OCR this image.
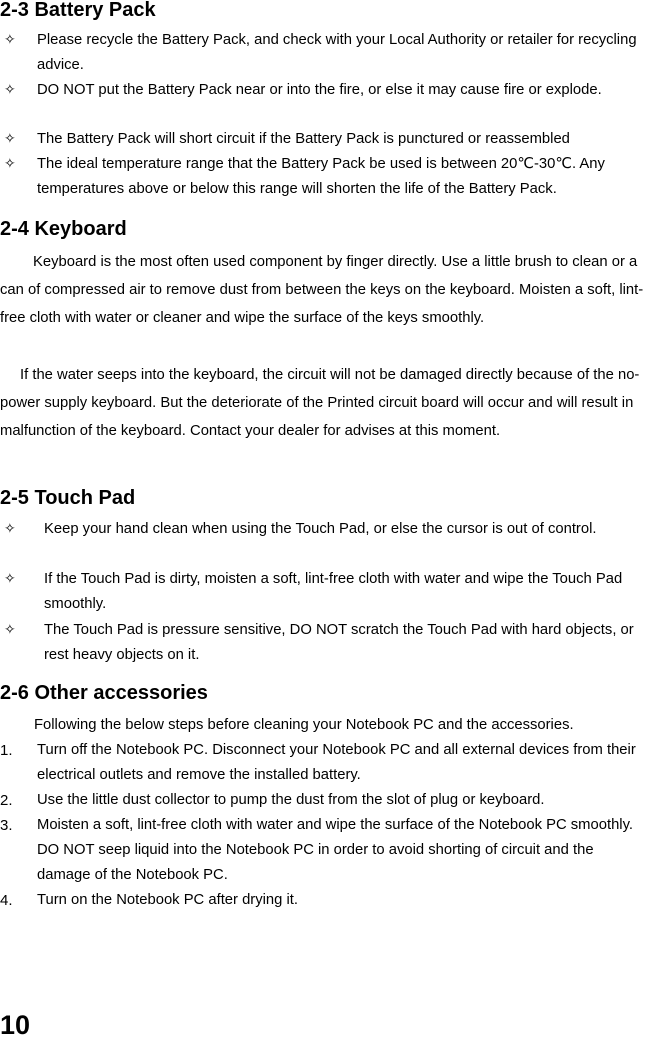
2-3 Battery Pack
✧ Please recycle the Battery Pack, and check with your Local Authority or retailer for recycling advice.
✧ DO NOT put the Battery Pack near or into the fire, or else it may cause fire or explode.
✧ The Battery Pack will short circuit if the Battery Pack is punctured or reassembled
✧ The ideal temperature range that the Battery Pack be used is between 20℃-30℃. Any temperatures above or below this range will shorten the life of the Battery Pack.
2-4 Keyboard

Keyboard is the most often used component by finger directly. Use a little brush to clean or a can of compressed air to remove dust from between the keys on the keyboard. Moisten a soft, lint-free cloth with water or cleaner and wipe the surface of the keys smoothly.

If the water seeps into the keyboard, the circuit will not be damaged directly because of the no-power supply keyboard. But the deteriorate of the Printed circuit board will occur and will result in malfunction of the keyboard. Contact your dealer for advises at this moment.

2-5 Touch Pad
✧ Keep your hand clean when using the Touch Pad, or else the cursor is out of control.
✧ If the Touch Pad is dirty, moisten a soft, lint-free cloth with water and wipe the Touch Pad smoothly.
✧ The Touch Pad is pressure sensitive, DO NOT scratch the Touch Pad with hard objects, or rest heavy objects on it.
2-6 Other accessories
Following the below steps before cleaning your Notebook PC and the accessories.
1. Turn off the Notebook PC. Disconnect your Notebook PC and all external devices from their electrical outlets and remove the installed battery.
2. Use the little dust collector to pump the dust from the slot of plug or keyboard.
3. Moisten a soft, lint-free cloth with water and wipe the surface of the Notebook PC smoothly. DO NOT seep liquid into the Notebook PC in order to avoid shorting of circuit and the damage of the Notebook PC.
4. Turn on the Notebook PC after drying it.
10
